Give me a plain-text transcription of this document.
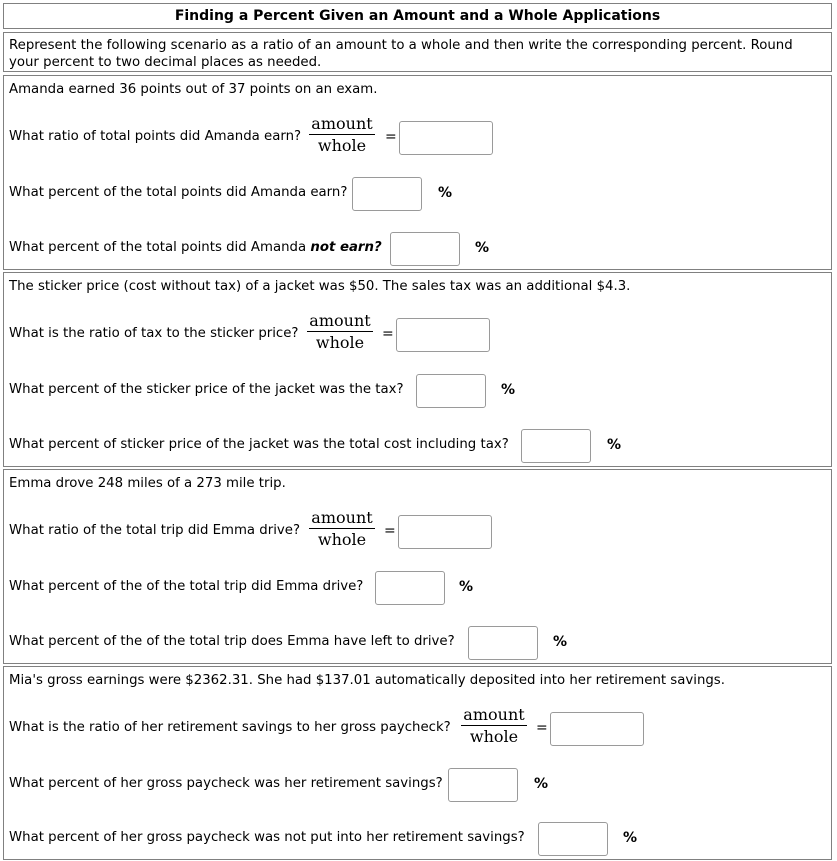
Finding a Percent Given an Amount and a Whole Applications
Represent the following scenario as a ratio of an amount to a whole and then write the corresponding percent. Round your percent to two decimal places as needed.
Amanda earned 36 points out of 37 points on an exam.
What ratio of total points did Amanda earn?
amount
whole	=
What percent of the total points did Amanda earn?	%
What percent of the total points did Amanda not earn?	%
The sticker price (cost without tax) of a jacket was $50. The sales tax was an additional $4.3.
What is the ratio of tax to the sticker price?
amount
whole	=
What percent of the sticker price of the jacket was the tax?	%
What percent of sticker price of the jacket was the total cost including tax?	%
Emma drove 248 miles of a 273 mile trip.
What ratio of the total trip did Emma drive?
amount
whole	=
What percent of the of the total trip did Emma drive?	%
What percent of the of the total trip does Emma have left to drive?	%
Mia's gross earnings were $2362.31. She had $137.01 automatically deposited into her retirement savings.
What is the ratio of her retirement savings to her gross paycheck?
amount
whole	=
What percent of her gross paycheck was her retirement savings?	%
What percent of her gross paycheck was not put into her retirement savings?	%
